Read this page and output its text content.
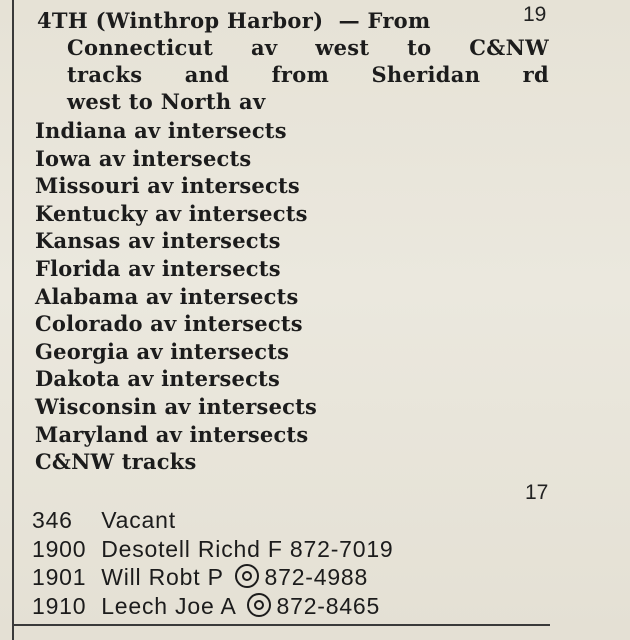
19
4TH (Winthrop Harbor) — From
Connecticut av west to C&NW
tracks and from Sheridan rd
west to North av
Indiana av intersects
Iowa av intersects
Missouri av intersects
Kentucky av intersects
Kansas av intersects
Florida av intersects
Alabama av intersects
Colorado av intersects
Georgia av intersects
Dakota av intersects
Wisconsin av intersects
Maryland av intersects
C&NW tracks
17
346 Vacant
1900 Desotell Richd F 872-7019
1901 Will Robt P 872-4988
1910 Leech Joe A 872-8465
